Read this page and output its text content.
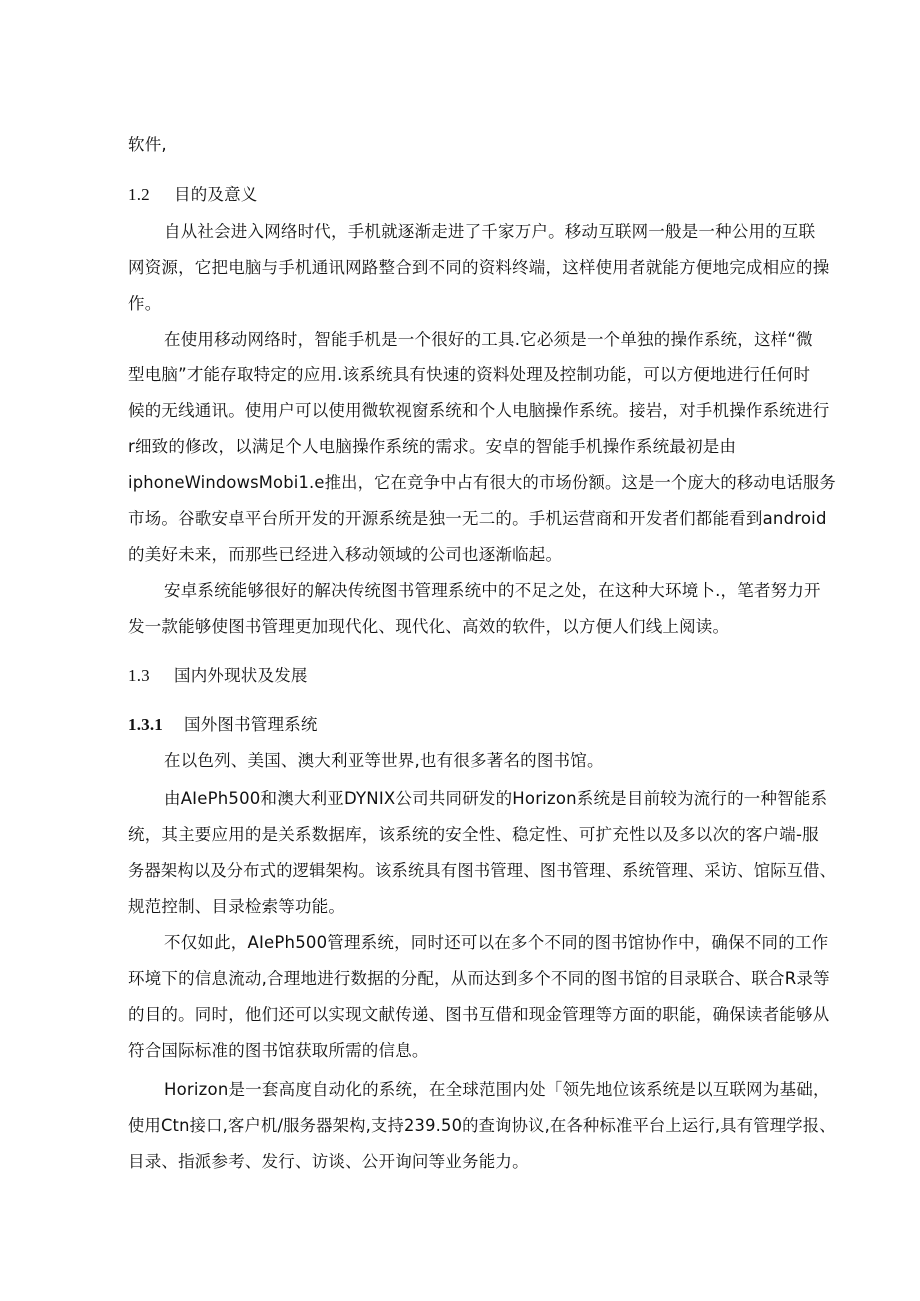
软件,
1.2 目的及意义
自从社会进入网络时代，手机就逐渐走进了千家万户。移动互联网一般是一种公用的互联
网资源，它把电脑与手机通讯网路整合到不同的资料终端，这样使用者就能方便地完成相应的操
作。
在使用移动网络时，智能手机是一个很好的工具.它必须是一个单独的操作系统，这样“微
型电脑”才能存取特定的应用.该系统具有快速的资料处理及控制功能，可以方便地进行任何时
候的无线通讯。使用户可以使用微软视窗系统和个人电脑操作系统。接岩，对手机操作系统进行
r细致的修改，以满足个人电脑操作系统的需求。安卓的智能手机操作系统最初是由
iphoneWindowsMobi1.e推出，它在竞争中占有很大的市场份额。这是一个庞大的移动电话服务
市场。谷歌安卓平台所开发的开源系统是独一无二的。手机运营商和开发者们都能看到android
的美好未来，而那些已经进入移动领域的公司也逐渐临起。
安卓系统能够很好的解决传统图书管理系统中的不足之处，在这种大环境卜.，笔者努力开
发一款能够使图书管理更加现代化、现代化、高效的软件，以方便人们线上阅读。
1.3 国内外现状及发展
1.3.1 国外图书管理系统
在以色列、美国、澳大利亚等世界,也有很多著名的图书馆。
由AIePh500和澳大利亚DYNIX公司共同研发的Horizon系统是目前较为流行的一种智能系
统，其主要应用的是关系数据库，该系统的安全性、稳定性、可扩充性以及多以次的客户端-服
务器架构以及分布式的逻辑架构。该系统具有图书管理、图书管理、系统管理、采访、馆际互借、
规范控制、目录检索等功能。
不仅如此，AIePh500管理系统，同时还可以在多个不同的图书馆协作中，确保不同的工作
环境下的信息流动,合理地进行数据的分配，从而达到多个不同的图书馆的目录联合、联合R录等
的目的。同时，他们还可以实现文献传递、图书互借和现金管理等方面的职能，确保读者能够从
符合国际标准的图书馆获取所需的信息。
Horizon是一套高度自动化的系统，在全球范围内处「领先地位该系统是以互联网为基础，
使用Ctn接口,客户机/服务器架构,支持239.50的查询协议,在各种标准平台上运行,具有管理学报、
目录、指派参考、发行、访谈、公开询问等业务能力。
